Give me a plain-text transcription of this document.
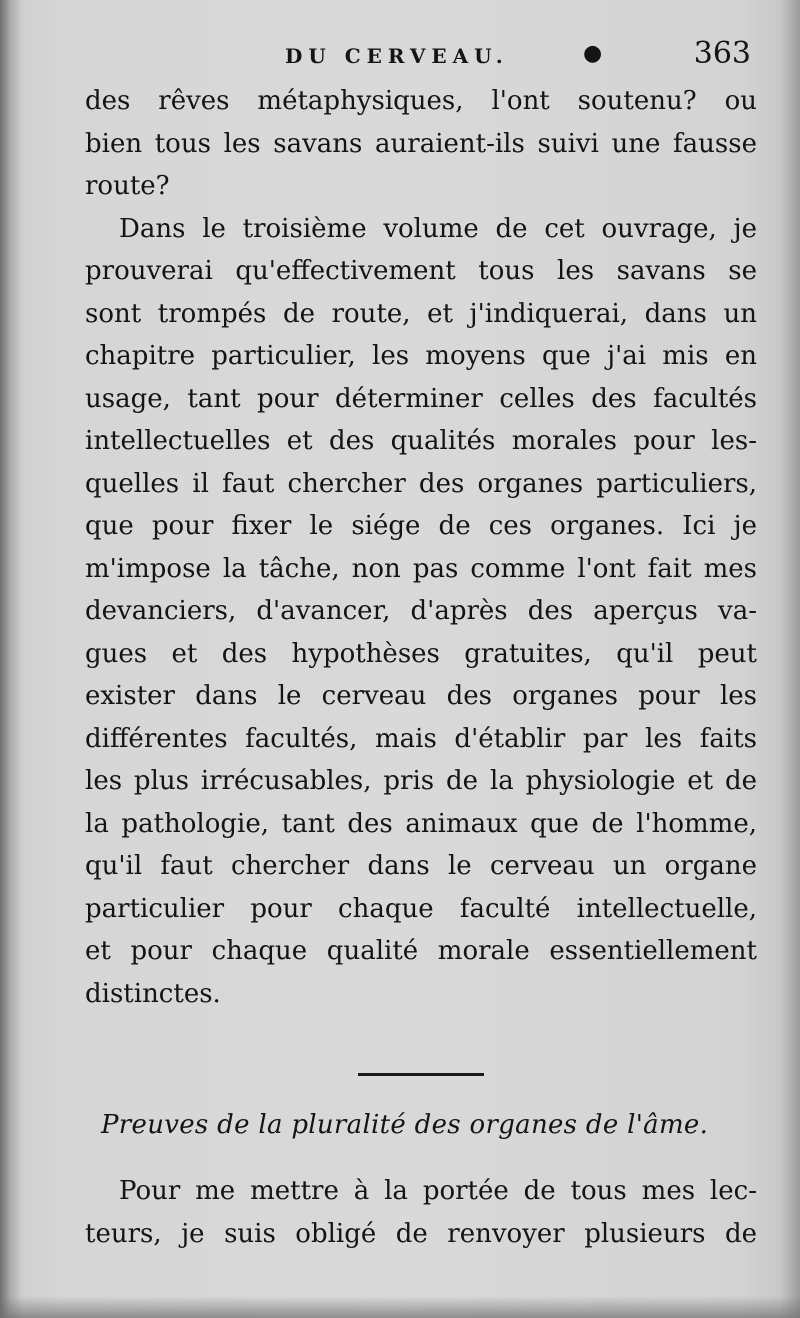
DU CERVEAU.	●	363
des rêves métaphysiques, l'ont soutenu? ou
bien tous les savans auraient-ils suivi une fausse
route?
Dans le troisième volume de cet ouvrage, je
prouverai qu'effectivement tous les savans se
sont trompés de route, et j'indiquerai, dans un
chapitre particulier, les moyens que j'ai mis en
usage, tant pour déterminer celles des facultés
intellectuelles et des qualités morales pour les-
quelles il faut chercher des organes particuliers,
que pour fixer le siége de ces organes. Ici je
m'impose la tâche, non pas comme l'ont fait mes
devanciers, d'avancer, d'après des aperçus va-
gues et des hypothèses gratuites, qu'il peut
exister dans le cerveau des organes pour les
différentes facultés, mais d'établir par les faits
les plus irrécusables, pris de la physiologie et de
la pathologie, tant des animaux que de l'homme,
qu'il faut chercher dans le cerveau un organe
particulier pour chaque faculté intellectuelle,
et pour chaque qualité morale essentiellement
distinctes.
Preuves de la pluralité des organes de l'âme.
Pour me mettre à la portée de tous mes lec-
teurs, je suis obligé de renvoyer plusieurs de
